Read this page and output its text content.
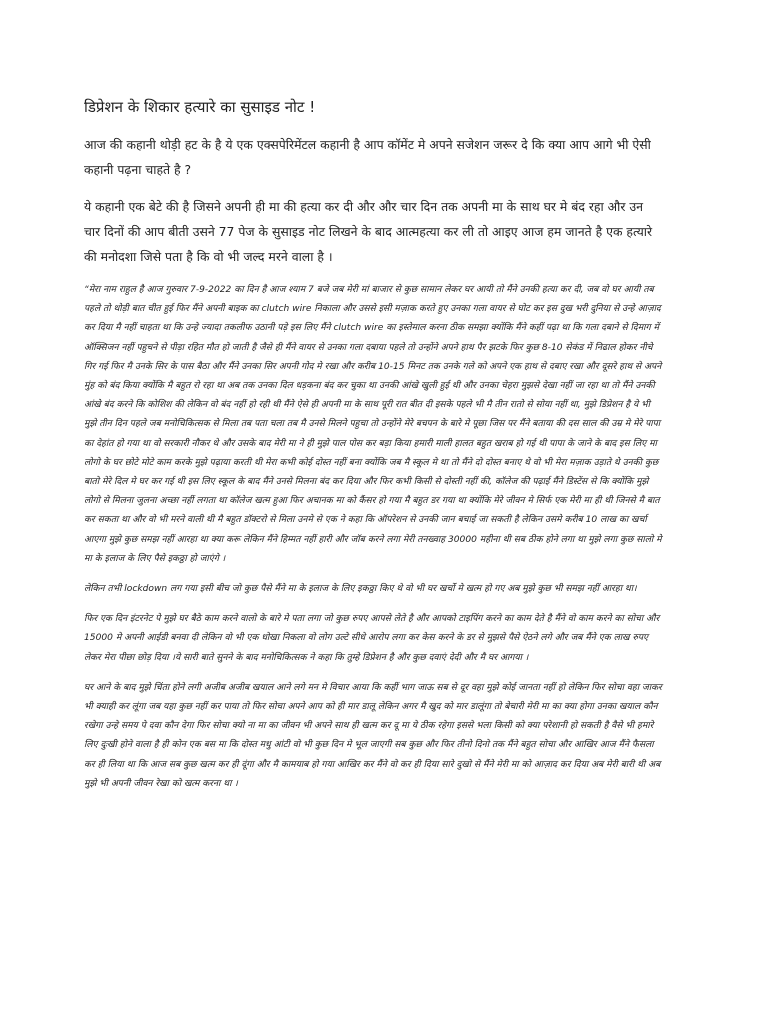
डिप्रेशन के शिकार हत्यारे का सुसाइड नोट !

आज की कहानी थोड़ी हट के है ये एक एक्सपेरिमेंटल कहानी है आप कॉमेंट मे अपने सजेशन जरूर दे कि क्या आप आगे भी ऐसी कहानी पढ़ना चाहते है ?

ये कहानी एक बेटे की है जिसने अपनी ही मा की हत्या कर दी और और चार दिन तक अपनी मा के साथ घर मे बंद रहा और उन चार दिनों की आप बीती उसने 77 पेज के सुसाइड नोट लिखने के बाद आत्महत्या कर ली तो आइए आज हम जानते है एक हत्यारे की मनोदशा जिसे पता है कि वो भी जल्द मरने वाला है ।

“मेरा नाम राहुल है आज गुरुवार 7-9-2022 का दिन है आज श्याम 7 बजे जब मेरी मां बाजार से कुछ सामान लेकर घर आयी तो मैंने उनकी हत्या कर दी, जब वो घर आयी तब पहले तो थोड़ी बात चीत हुई फिर मैंने अपनी बाइक का clutch wire निकाला और उससे इसी मज़ाक करते हुए उनका गला वायर से घोट कर इस दुख भरी दुनिया से उन्हे आज़ाद कर दिया मै नहीं चाहता था कि उन्हे ज्यादा तकलीफ उठानी पड़े इस लिए मैंने clutch wire का इस्तेमाल करना ठीक समझा क्योंकि मैंने कहीं पढ़ा था कि गला दबाने से दिमाग में ऑक्सिजन नहीं पहुचने से पीड़ा रहित मौत हो जाती है जैसे ही मैंने वायर से उनका गला दबाया पहले तो उन्होंने अपने हाथ पैर झटके फिर कुछ 8-10 सेकंड में निढाल होकर नीचे गिर गई फिर मै उनके सिर के पास बैठा और मैंने उनका सिर अपनी गोद मे रखा और करीब 10-15 मिनट तक उनके गले को अपने एक हाथ से दबाए रखा और दूसरे हाथ से अपने मुंह को बंद किया क्योंकि मै बहुत रो रहा था अब तक उनका दिल धड़कना बंद कर चुका था उनकी आंखे खुली हुई थी और उनका चेहरा मुझसे देखा नहीं जा रहा था तो मैंने उनकी आंखे बंद करने कि कोशिश की लेकिन वो बंद नहीं हो रही थी मैंने ऐसे ही अपनी मा के साथ पूरी रात बीत दी इसके पहले भी मै तीन रातो से सोया नहीं था, मुझे डिप्रेशन है ये भी मुझे तीन दिन पहले जब मनोचिकित्सक से मिला तब पता चला तब मै उनसे मिलने पहुचा तो उन्होंने मेरे बचपन के बारे मे पूछा जिस पर मैंने बताया की दस साल की उम्र मे मेरे पापा का देहांत हो गया था वो सरकारी नौकर थे और उसके बाद मेरी मा ने ही मुझे पाल पोस कर बड़ा किया हमारी माली हालत बहुत खराब हो गई थी पापा के जाने के बाद इस लिए मा लोगो के घर छोटे मोटे काम करके मुझे पढ़ाया करती थी मेरा कभी कोई दोस्त नहीं बना क्योंकि जब मै स्कूल मे था तो मैंने दो दोस्त बनाए थे वो भी मेरा मज़ाक उड़ाते थे उनकी कुछ बातो मेरे दिल मे घर कर गई थी इस लिए स्कूल के बाद मैंने उनसे मिलना बंद कर दिया और फिर कभी किसी से दोस्ती नहीं की, कॉलेज की पढ़ाई मैंने डिस्टेंस से कि क्योंकि मुझे लोगो से मिलना जुलना अच्छा नहीं लगता था कॉलेज खत्म हुआ फिर अचानक मा को कैंसर हो गया मै बहुत डर गया था क्योंकि मेरे जीवन मे सिर्फ एक मेरी मा ही थी जिनसे मै बात कर सकता था और वो भी मरने वाली थी मै बहुत डॉक्टरो से मिला उनमे से एक ने कहा कि ऑपरेशन से उनकी जान बचाई जा सकती है लेकिन उसमे करीब 10 लाख का खर्चा आएगा मुझे कुछ समझ नहीं आरहा था क्या करू लेकिन मैंने हिम्मत नहीं हारी और जॉब करने लगा मेरी तनख्वाह 30000 महीना थी सब ठीक होने लगा था मुझे लगा कुछ सालो मे मा के इलाज के लिए पैसे इकठ्ठा हो जाएंगे ।

लेकिन तभी lockdown लग गया इसी बीच जो कुछ पैसे मैंने मा के इलाज के लिए इकठ्ठा किए थे वो भी घर खर्चो मे खत्म हो गए अब मुझे कुछ भी समझ नहीं आरहा था।

फिर एक दिन इंटरनेट पे मुझे घर बैठे काम करने वालो के बारे मे पता लगा जो कुछ रुपए आपसे लेते है और आपको टाइपिंग करने का काम देते है मैंने वो काम करने का सोचा और 15000 मे अपनी आईडी बनवा दी लेकिन वो भी एक धोखा निकला वो लोग उल्टे सीधे आरोप लगा कर केस करने के डर से मुझसे पैसे ऐठने लगे और जब मैंने एक लाख रुपए लेकर मेरा पीछा छोड़ दिया ।ये सारी बाते सुनने के बाद मनोचिकित्सक ने कहा कि तुम्हे डिप्रेशन है और कुछ दवाएं देदी और मै घर आगया ।

घर आने के बाद मुझे चिंता होने लगी अजीब अजीब खयाल आने लगे मन मे विचार आया कि कहीं भाग जाऊ सब से दूर वहा मुझे कोई जानता नहीं हो लेकिन फिर सोचा वहा जाकर भी क्याही कर लूंगा जब यहा कुछ नहीं कर पाया तो फिर सोचा अपने आप को ही मार डालू लेकिन अगर मै खुद को मार डालूंगा तो बेचारी मेरी मा का क्या होगा उनका खयाल कौन रखेगा उन्हे समय पे दवा कौन देगा फिर सोचा क्यो ना मा का जीवन भी अपने साथ ही खत्म कर दू मा ये ठीक रहेगा इससे भला किसी को क्या परेशानी हो सकती है वैसे भी हमारे लिए दुःखी होने वाला है ही कोन एक बस मा कि दोस्त मधु आंटी वो भी कुछ दिन मे भूल जाएगी सब कुछ और फिर तीनो दिनो तक मैंने बहुत सोचा और आखिर आज मैंने फैसला कर ही लिया था कि आज सब कुछ खत्म कर ही दूंगा और मै कामयाब हो गया आखिर कर मैंने वो कर ही दिया सारे दुखो से मैंने मेरी मा को आज़ाद कर दिया अब मेरी बारी थी अब मुझे भी अपनी जीवन रेखा को खत्म करना था ।
